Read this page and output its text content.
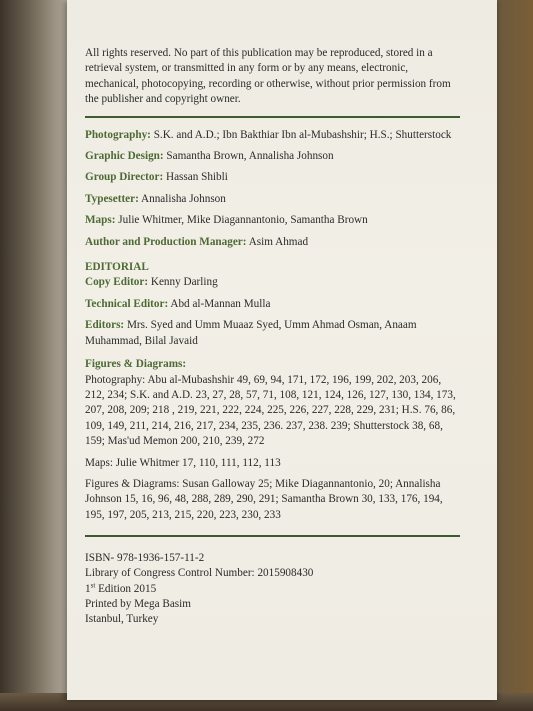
All rights reserved. No part of this publication may be reproduced, stored in a retrieval system, or transmitted in any form or by any means, electronic, mechanical, photocopying, recording or otherwise, without prior permission from the publisher and copyright owner.

Photography: S.K. and A.D.; Ibn Bakthiar Ibn al-Mubashshir; H.S.; Shutterstock
Graphic Design: Samantha Brown, Annalisha Johnson
Group Director: Hassan Shibli
Typesetter: Annalisha Johnson
Maps: Julie Whitmer, Mike Diagannantonio, Samantha Brown
Author and Production Manager: Asim Ahmad
EDITORIAL
Copy Editor: Kenny Darling
Technical Editor: Abd al-Mannan Mulla
Editors: Mrs. Syed and Umm Muaaz Syed, Umm Ahmad Osman, Anaam Muhammad, Bilal Javaid
Figures & Diagrams:

Photography: Abu al-Mubashshir 49, 69, 94, 171, 172, 196, 199, 202, 203, 206, 212, 234; S.K. and A.D. 23, 27, 28, 57, 71, 108, 121, 124, 126, 127, 130, 134, 173, 207, 208, 209; 218 , 219, 221, 222, 224, 225, 226, 227, 228, 229, 231; H.S. 76, 86, 109, 149, 211, 214, 216, 217, 234, 235, 236. 237, 238. 239; Shutterstock 38, 68, 159; Mas'ud Memon 200, 210, 239, 272

Maps: Julie Whitmer 17, 110, 111, 112, 113

Figures & Diagrams: Susan Galloway 25; Mike Diagannantonio, 20; Annalisha Johnson 15, 16, 96, 48, 288, 289, 290, 291; Samantha Brown 30, 133, 176, 194, 195, 197, 205, 213, 215, 220, 223, 230, 233

ISBN- 978-1936-157-11-2
Library of Congress Control Number: 2015908430
1st Edition 2015
Printed by Mega Basim
Istanbul, Turkey
